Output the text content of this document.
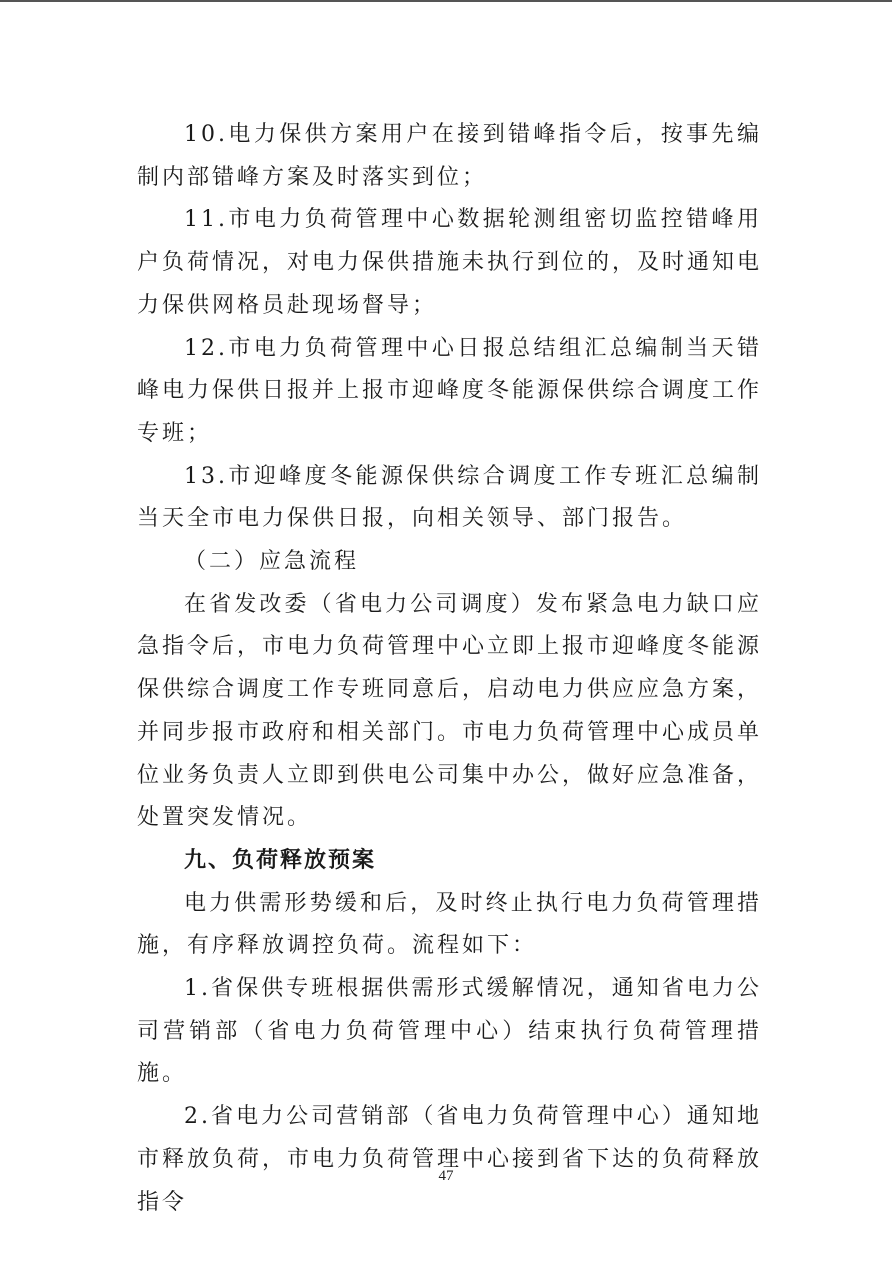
10.电力保供方案用户在接到错峰指令后，按事先编制内部错峰方案及时落实到位；

11.市电力负荷管理中心数据轮测组密切监控错峰用户负荷情况，对电力保供措施未执行到位的，及时通知电力保供网格员赴现场督导；

12.市电力负荷管理中心日报总结组汇总编制当天错峰电力保供日报并上报市迎峰度冬能源保供综合调度工作专班；

13.市迎峰度冬能源保供综合调度工作专班汇总编制当天全市电力保供日报，向相关领导、部门报告。

（二）应急流程

在省发改委（省电力公司调度）发布紧急电力缺口应急指令后，市电力负荷管理中心立即上报市迎峰度冬能源保供综合调度工作专班同意后，启动电力供应应急方案，并同步报市政府和相关部门。市电力负荷管理中心成员单位业务负责人立即到供电公司集中办公，做好应急准备，处置突发情况。

九、负荷释放预案

电力供需形势缓和后，及时终止执行电力负荷管理措施，有序释放调控负荷。流程如下：

1.省保供专班根据供需形式缓解情况，通知省电力公司营销部（省电力负荷管理中心）结束执行负荷管理措施。

2.省电力公司营销部（省电力负荷管理中心）通知地市释放负荷，市电力负荷管理中心接到省下达的负荷释放指令

47
